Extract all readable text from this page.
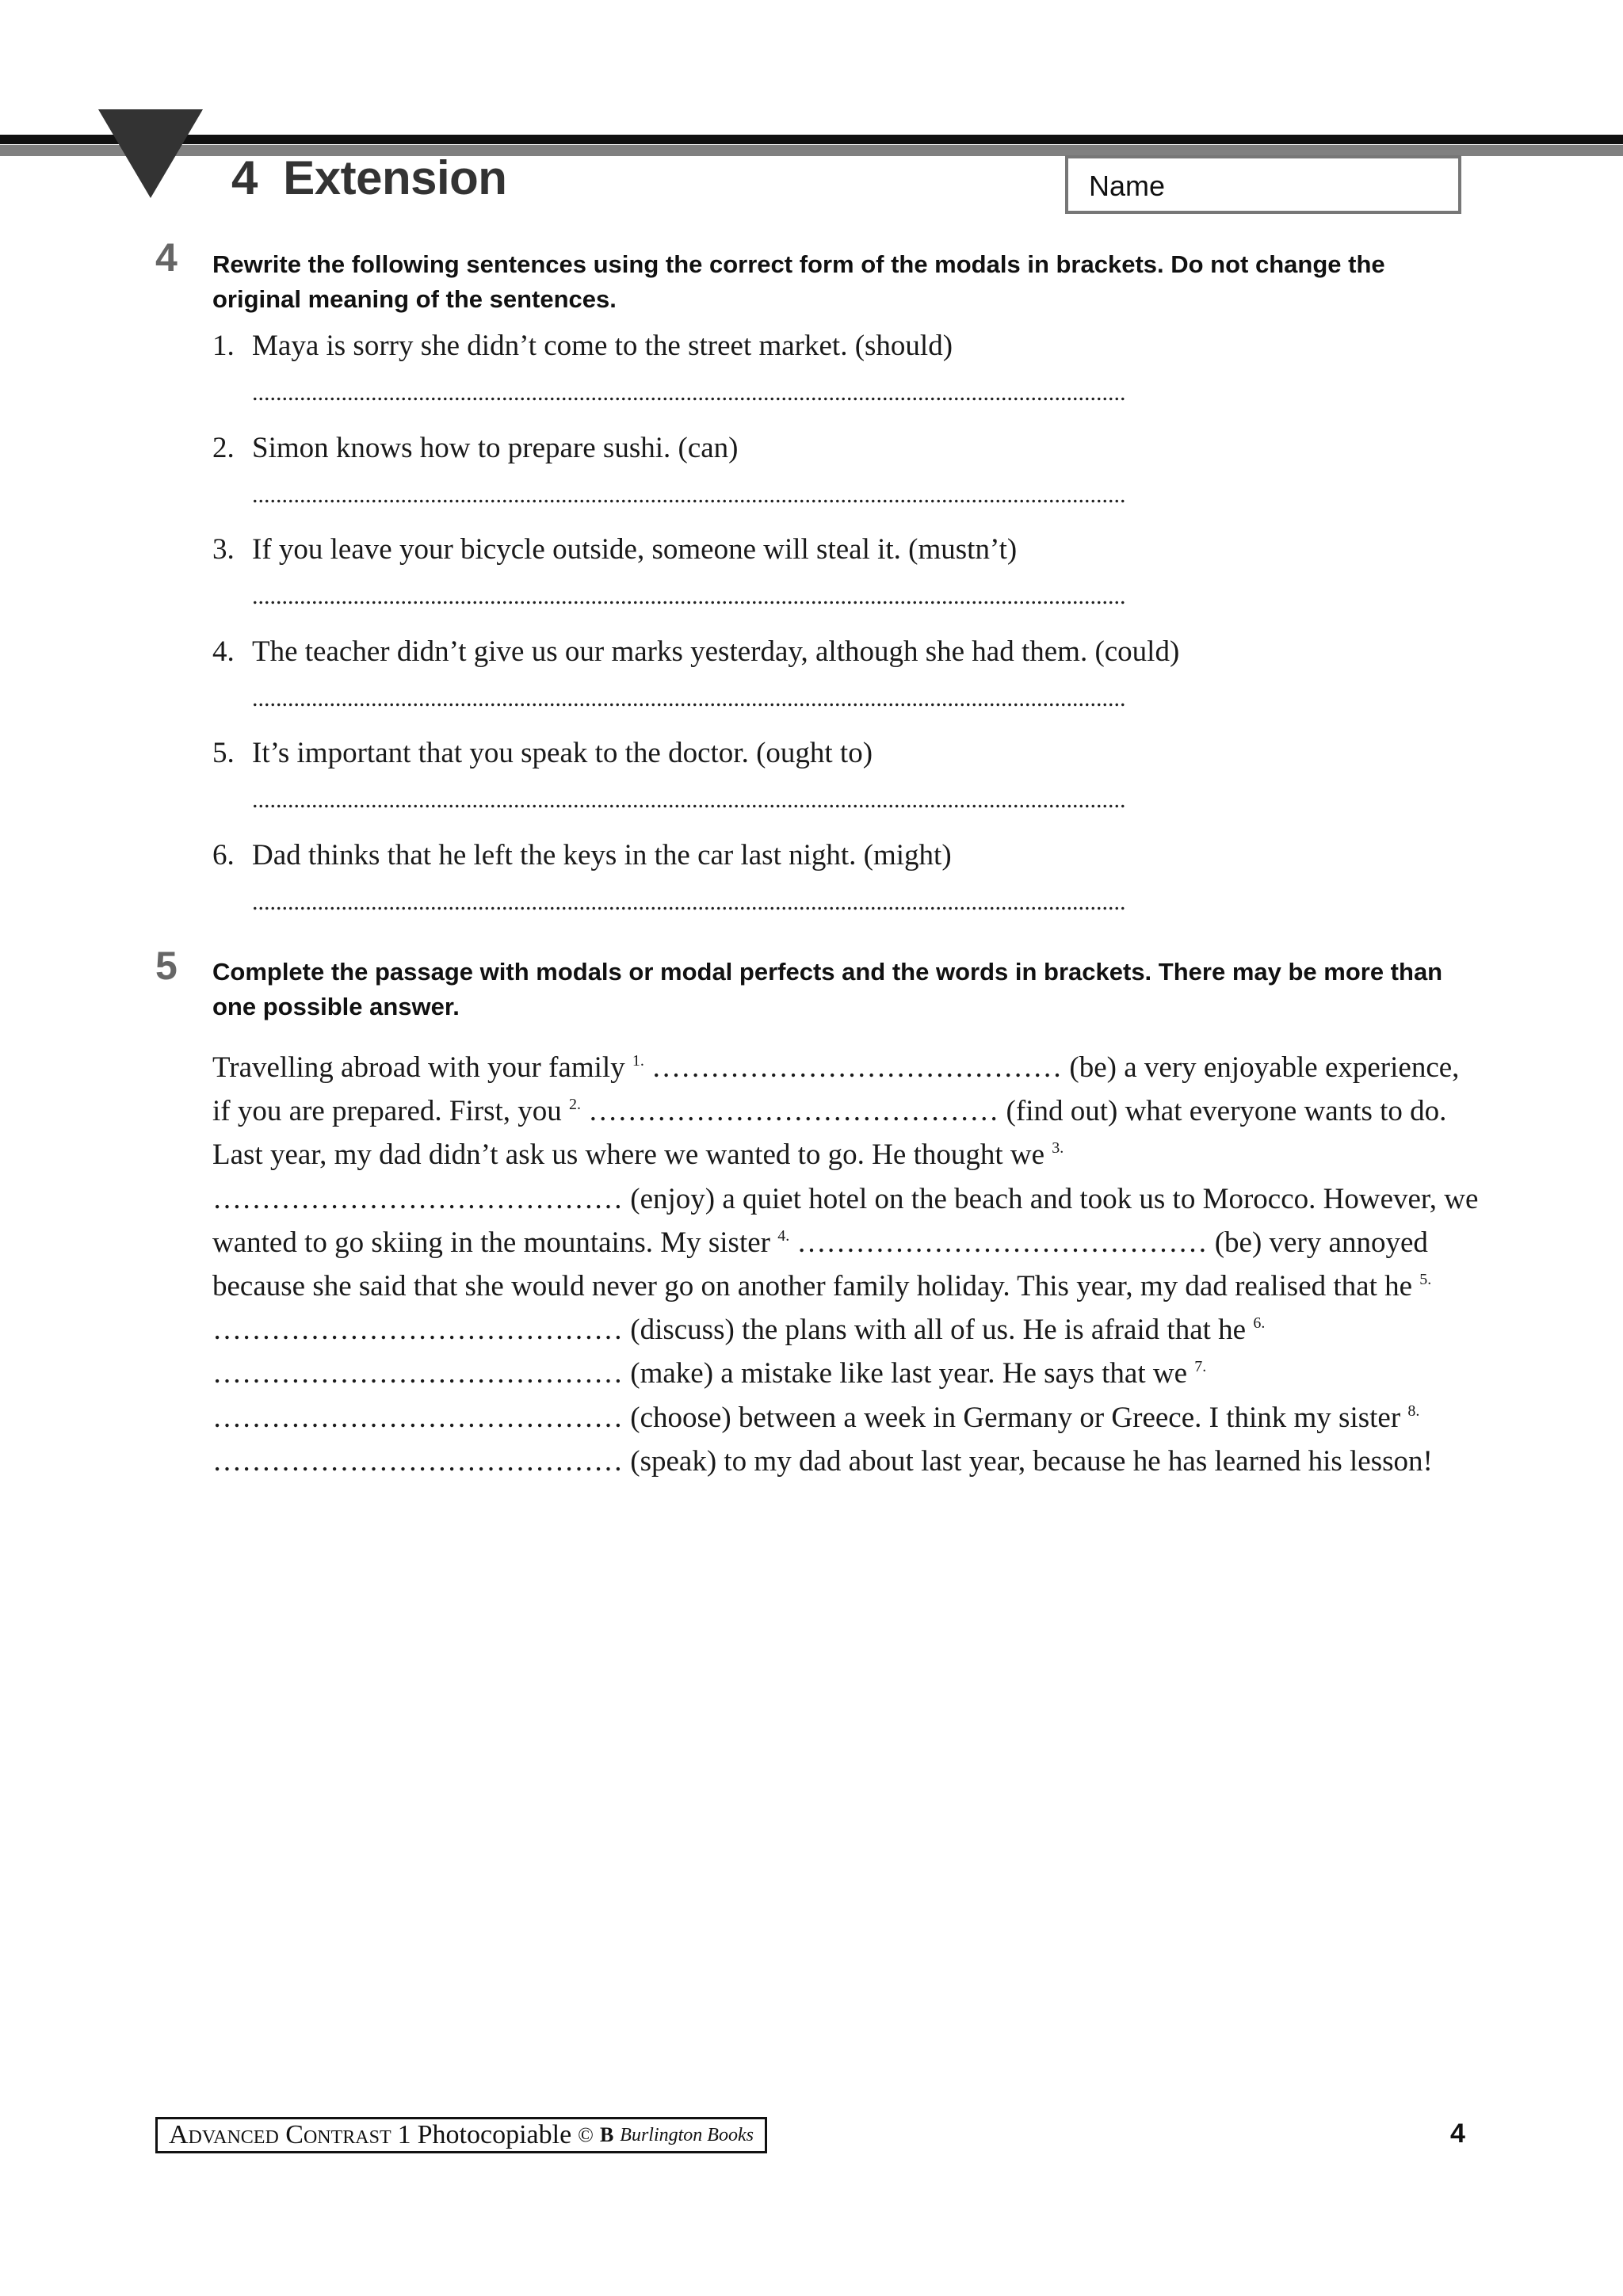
4  Extension	Name
4 Rewrite the following sentences using the correct form of the modals in brackets. Do not change the original meaning of the sentences.
1. Maya is sorry she didn’t come to the street market. (should)
...................................................................................................................................................
2. Simon knows how to prepare sushi. (can)
...................................................................................................................................................
3. If you leave your bicycle outside, someone will steal it. (mustn’t)
...................................................................................................................................................
4. The teacher didn’t give us our marks yesterday, although she had them. (could)
...................................................................................................................................................
5. It’s important that you speak to the doctor. (ought to)
...................................................................................................................................................
6. Dad thinks that he left the keys in the car last night. (might)
...................................................................................................................................................
5 Complete the passage with modals or modal perfects and the words in brackets. There may be more than one possible answer.
Travelling abroad with your family $^{1.}$ …………………………………… (be) a very enjoyable experience, if you are prepared. First, you $^{2.}$ …………………………………… (find out) what everyone wants to do. Last year, my dad didn’t ask us where we wanted to go. He thought we $^{3.}$ …………………………………… (enjoy) a quiet hotel on the beach and took us to Morocco. However, we wanted to go skiing in the mountains. My sister $^{4.}$ …………………………………… (be) very annoyed because she said that she would never go on another family holiday. This year, my dad realised that he $^{5.}$ …………………………………… (discuss) the plans with all of us. He is afraid that he $^{6.}$ …………………………………… (make) a mistake like last year. He says that we $^{7.}$ …………………………………… (choose) between a week in Germany or Greece. I think my sister $^{8.}$ …………………………………… (speak) to my dad about last year, because he has learned his lesson!
Advanced Contrast 1 Photocopiable © B Burlington Books	4
